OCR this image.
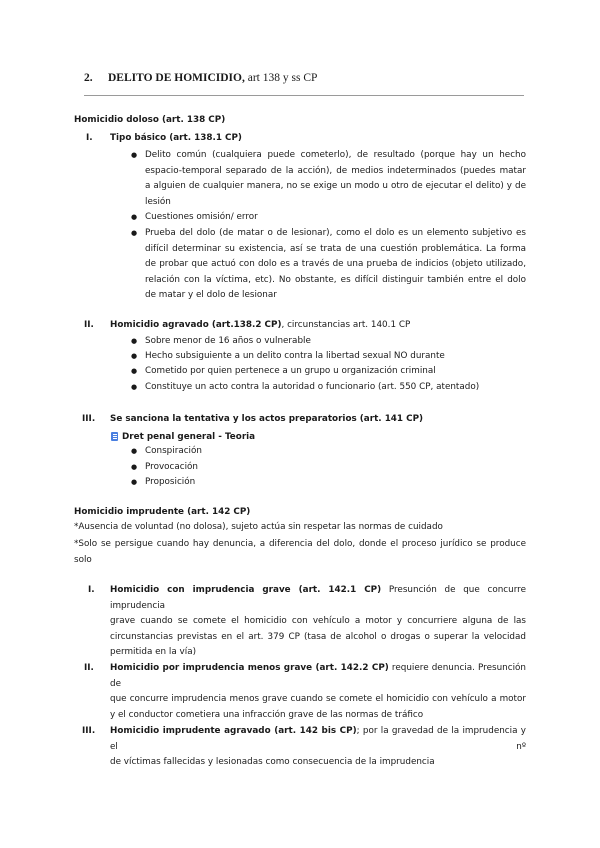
2. DELITO DE HOMICIDIO, art 138 y ss CP
Homicidio doloso (art. 138 CP)
I. Tipo básico (art. 138.1 CP)
● Delito común (cualquiera puede cometerlo), de resultado (porque hay un hecho
espacio-temporal separado de la acción), de medios indeterminados (puedes matar
a alguien de cualquier manera, no se exige un modo u otro de ejecutar el delito) y de
lesión
● Cuestiones omisión/ error
● Prueba del dolo (de matar o de lesionar), como el dolo es un elemento subjetivo es
difícil determinar su existencia, así se trata de una cuestión problemática. La forma
de probar que actuó con dolo es a través de una prueba de indicios (objeto utilizado,
relación con la víctima, etc). No obstante, es difícil distinguir también entre el dolo
de matar y el dolo de lesionar
II. Homicidio agravado (art.138.2 CP), circunstancias art. 140.1 CP
● Sobre menor de 16 años o vulnerable
● Hecho subsiguiente a un delito contra la libertad sexual NO durante
● Cometido por quien pertenece a un grupo u organización criminal
● Constituye un acto contra la autoridad o funcionario (art. 550 CP, atentado)
III. Se sanciona la tentativa y los actos preparatorios (art. 141 CP)
Dret penal general - Teoria
● Conspiración
● Provocación
● Proposición
Homicidio imprudente (art. 142 CP)
*Ausencia de voluntad (no dolosa), sujeto actúa sin respetar las normas de cuidado
*Solo se persigue cuando hay denuncia, a diferencia del dolo, donde el proceso jurídico se produce
solo
I. Homicidio con imprudencia grave (art. 142.1 CP) Presunción de que concurre imprudencia
grave cuando se comete el homicidio con vehículo a motor y concurriere alguna de las
circunstancias previstas en el art. 379 CP (tasa de alcohol o drogas o superar la velocidad
permitida en la vía)
II. Homicidio por imprudencia menos grave (art. 142.2 CP) requiere denuncia. Presunción de
que concurre imprudencia menos grave cuando se comete el homicidio con vehículo a motor
y el conductor cometiera una infracción grave de las normas de tráfico
III. Homicidio imprudente agravado (art. 142 bis CP); por la gravedad de la imprudencia y el nº
de víctimas fallecidas y lesionadas como consecuencia de la imprudencia
